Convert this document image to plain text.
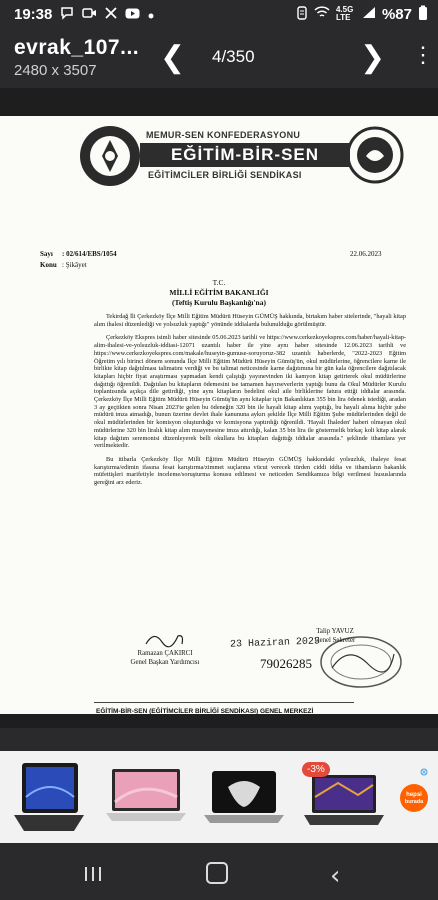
19:38	4.5G LTE	%87
evrak_107...
2480 x 3507 ❮ 4/350	❯ ⋮
MEMUR-SEN KONFEDERASYONU
EĞİTİM-BİR-SEN
EĞİTİMCİLER BİRLİĞİ SENDİKASI
Sayı : 02/614/EBS/1054
Konu : Şikâyet
22.06.2023
T.C.
MİLLİ EĞİTİM BAKANLIĞI
(Teftiş Kurulu Başkanlığı'na)

Tekirdağ İli Çerkezköy İlçe Milli Eğitim Müdürü Hüseyin GÜMÜŞ hakkında, birtakım haber sitelerinde, "hayali kitap alım ihalesi düzenlediği ve yolsuzluk yaptığı" yönünde iddialarda bulunulduğu görülmüştür.

Çerkezköy Ekspres isimli haber sitesinde 05.06.2023 tarihli ve https://www.cerkezkoyekspres.com/haber/hayali-kitap-alim-ihalesi-ve-yolsuzluk-iddiasi-12071 uzantılı haber ile yine aynı haber sitesinde 12.06.2023 tarihli ve https://www.cerkezkoyekspres.com/makale/huseyin-gumuse-soruyoruz-382 uzantılı haberlerde, "2022-2023 Eğitim Öğretim yılı birinci dönem sonunda İlçe Milli Eğitim Müdürü Hüseyin Gümüş'ün, okul müdürlerine, öğrencilere karne ile birlikte kitap dağıtılması talimatını verdiği ve bu talimat neticesinde karne dağıtımına bir gün kala öğrencilere dağıtılacak kitapları hiçbir fiyat araştırması yapmadan kendi çalıştığı yayınevinden iki kamyon kitap getirterek okul müdürlerine dağıttığı öğrenildi. Dağıtılan bu kitapların ödemesini ise tamamen hayırseverlerin yaptığı bunu da Okul Müdürler Kurulu toplantısında açıkça dile getirdiği, yine aynı kitapların bedelini okul aile birliklerine fatura ettiği iddialar arasında. Çerkezköy İlçe Milli Eğitim Müdürü Hüseyin Gümüş'ün aynı kitaplar için Bakanlıktan 355 bin lira ödenek istediği, aradan 3 ay geçtikten sonra Nisan 2023'te gelen bu ödeneğin 320 bin ile hayali kitap alımı yaptığı, bu hayali alıma hiçbir şube müdürü imza atmadığı, bunun üzerine devlet ihale kanununa aykırı şekilde İlçe Milli Eğitim Şube müdürlerinden değil de okul müdürlerinden bir komisyon oluşturduğu ve komisyona yaptırdığı öğrenildi. 'Hayali İhaleden' haberi olmayan okul müdürlerine 320 bin liralık kitap alım muayenesine imza attırdığı, kalan 35 bin lira ile göstermelik birkaç koli kitap alarak kitap dağıtım seremonisi düzenleyerek belli okullara bu kitapları dağıttığı iddialar arasında." şeklinde ithamlara yer verilmektedir.

Bu itibarla Çerkezköy İlçe Milli Eğitim Müdürü Hüseyin GÜMÜŞ hakkındaki yolsuzluk, ihaleye fesat karıştırma/edimin ifasına fesat karıştırma/zimmet suçlarına vücut verecek türden ciddi iddia ve ithamların bakanlık müfettişleri marifetiyle inceleme/soruşturma konusu edilmesi ve neticeden Sendikamıza bilgi verilmesi hususlarında gereğini arz ederiz.

Ramazan ÇAKIRCI
Genel Başkan Yardımcısı
Talip YAVUZ
Genel Sekreter
23 Haziran 2023
79026285
EĞİTİM-BİR-SEN (EĞİTİMCİLER BİRLİĞİ SENDİKASI) GENEL MERKEZİ
-3%
hepsi
burada
‹
